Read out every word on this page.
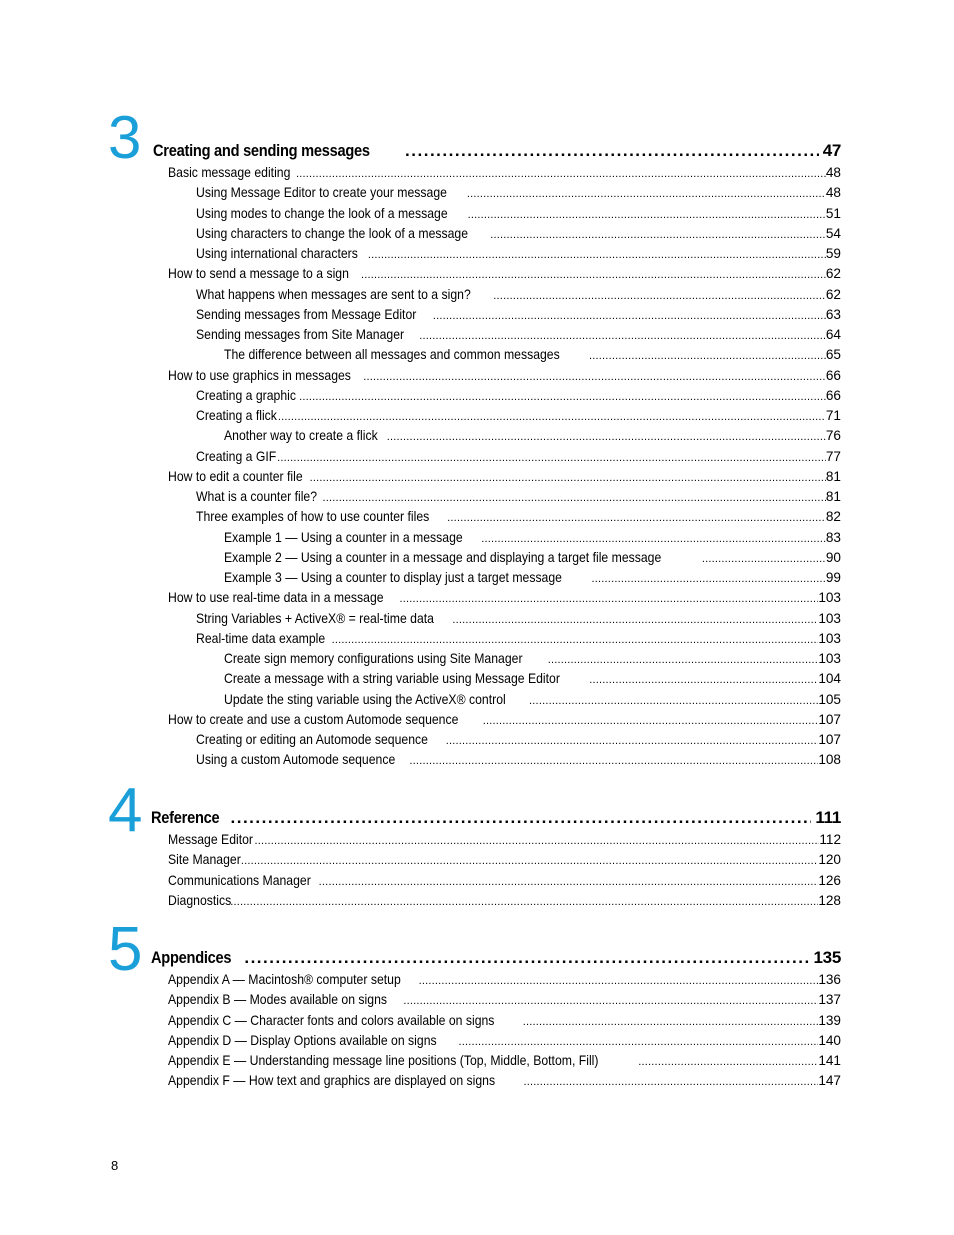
3 Creating and sending messages .....	47
Basic message editing .....	48
Using Message Editor to create your message .....	48
Using modes to change the look of a message .....	51
Using characters to change the look of a message .....	54
Using international characters .....	59
How to send a message to a sign .....	62
What happens when messages are sent to a sign? .....	62
Sending messages from Message Editor .....	63
Sending messages from Site Manager .....	64
The difference between all messages and common messages .....	65
How to use graphics in messages .....	66
Creating a graphic .....	66
Creating a flick .....	71
Another way to create a flick .....	76
Creating a GIF .....	77
How to edit a counter file .....	81
What is a counter file? .....	81
Three examples of how to use counter files .....	82
Example 1 — Using a counter in a message .....	83
Example 2 — Using a counter in a message and displaying a target file message .....	90
Example 3 — Using a counter to display just a target message .....	99
How to use real-time data in a message .....	103
String Variables + ActiveX® = real-time data .....	103
Real-time data example .....	103
Create sign memory configurations using Site Manager .....	103
Create a message with a string variable using Message Editor .....	104
Update the sting variable using the ActiveX® control .....	105
How to create and use a custom Automode sequence .....	107
Creating or editing an Automode sequence .....	107
Using a custom Automode sequence .....	108
4 Reference .....	111
Message Editor .....	112
Site Manager .....	120
Communications Manager .....	126
Diagnostics .....	128
5 Appendices .....	135
Appendix A — Macintosh® computer setup .....	136
Appendix B — Modes available on signs .....	137
Appendix C — Character fonts and colors available on signs .....	139
Appendix D — Display Options available on signs .....	140
Appendix E — Understanding message line positions (Top, Middle, Bottom, Fill) .....	141
Appendix F — How text and graphics are displayed on signs .....	147
8
